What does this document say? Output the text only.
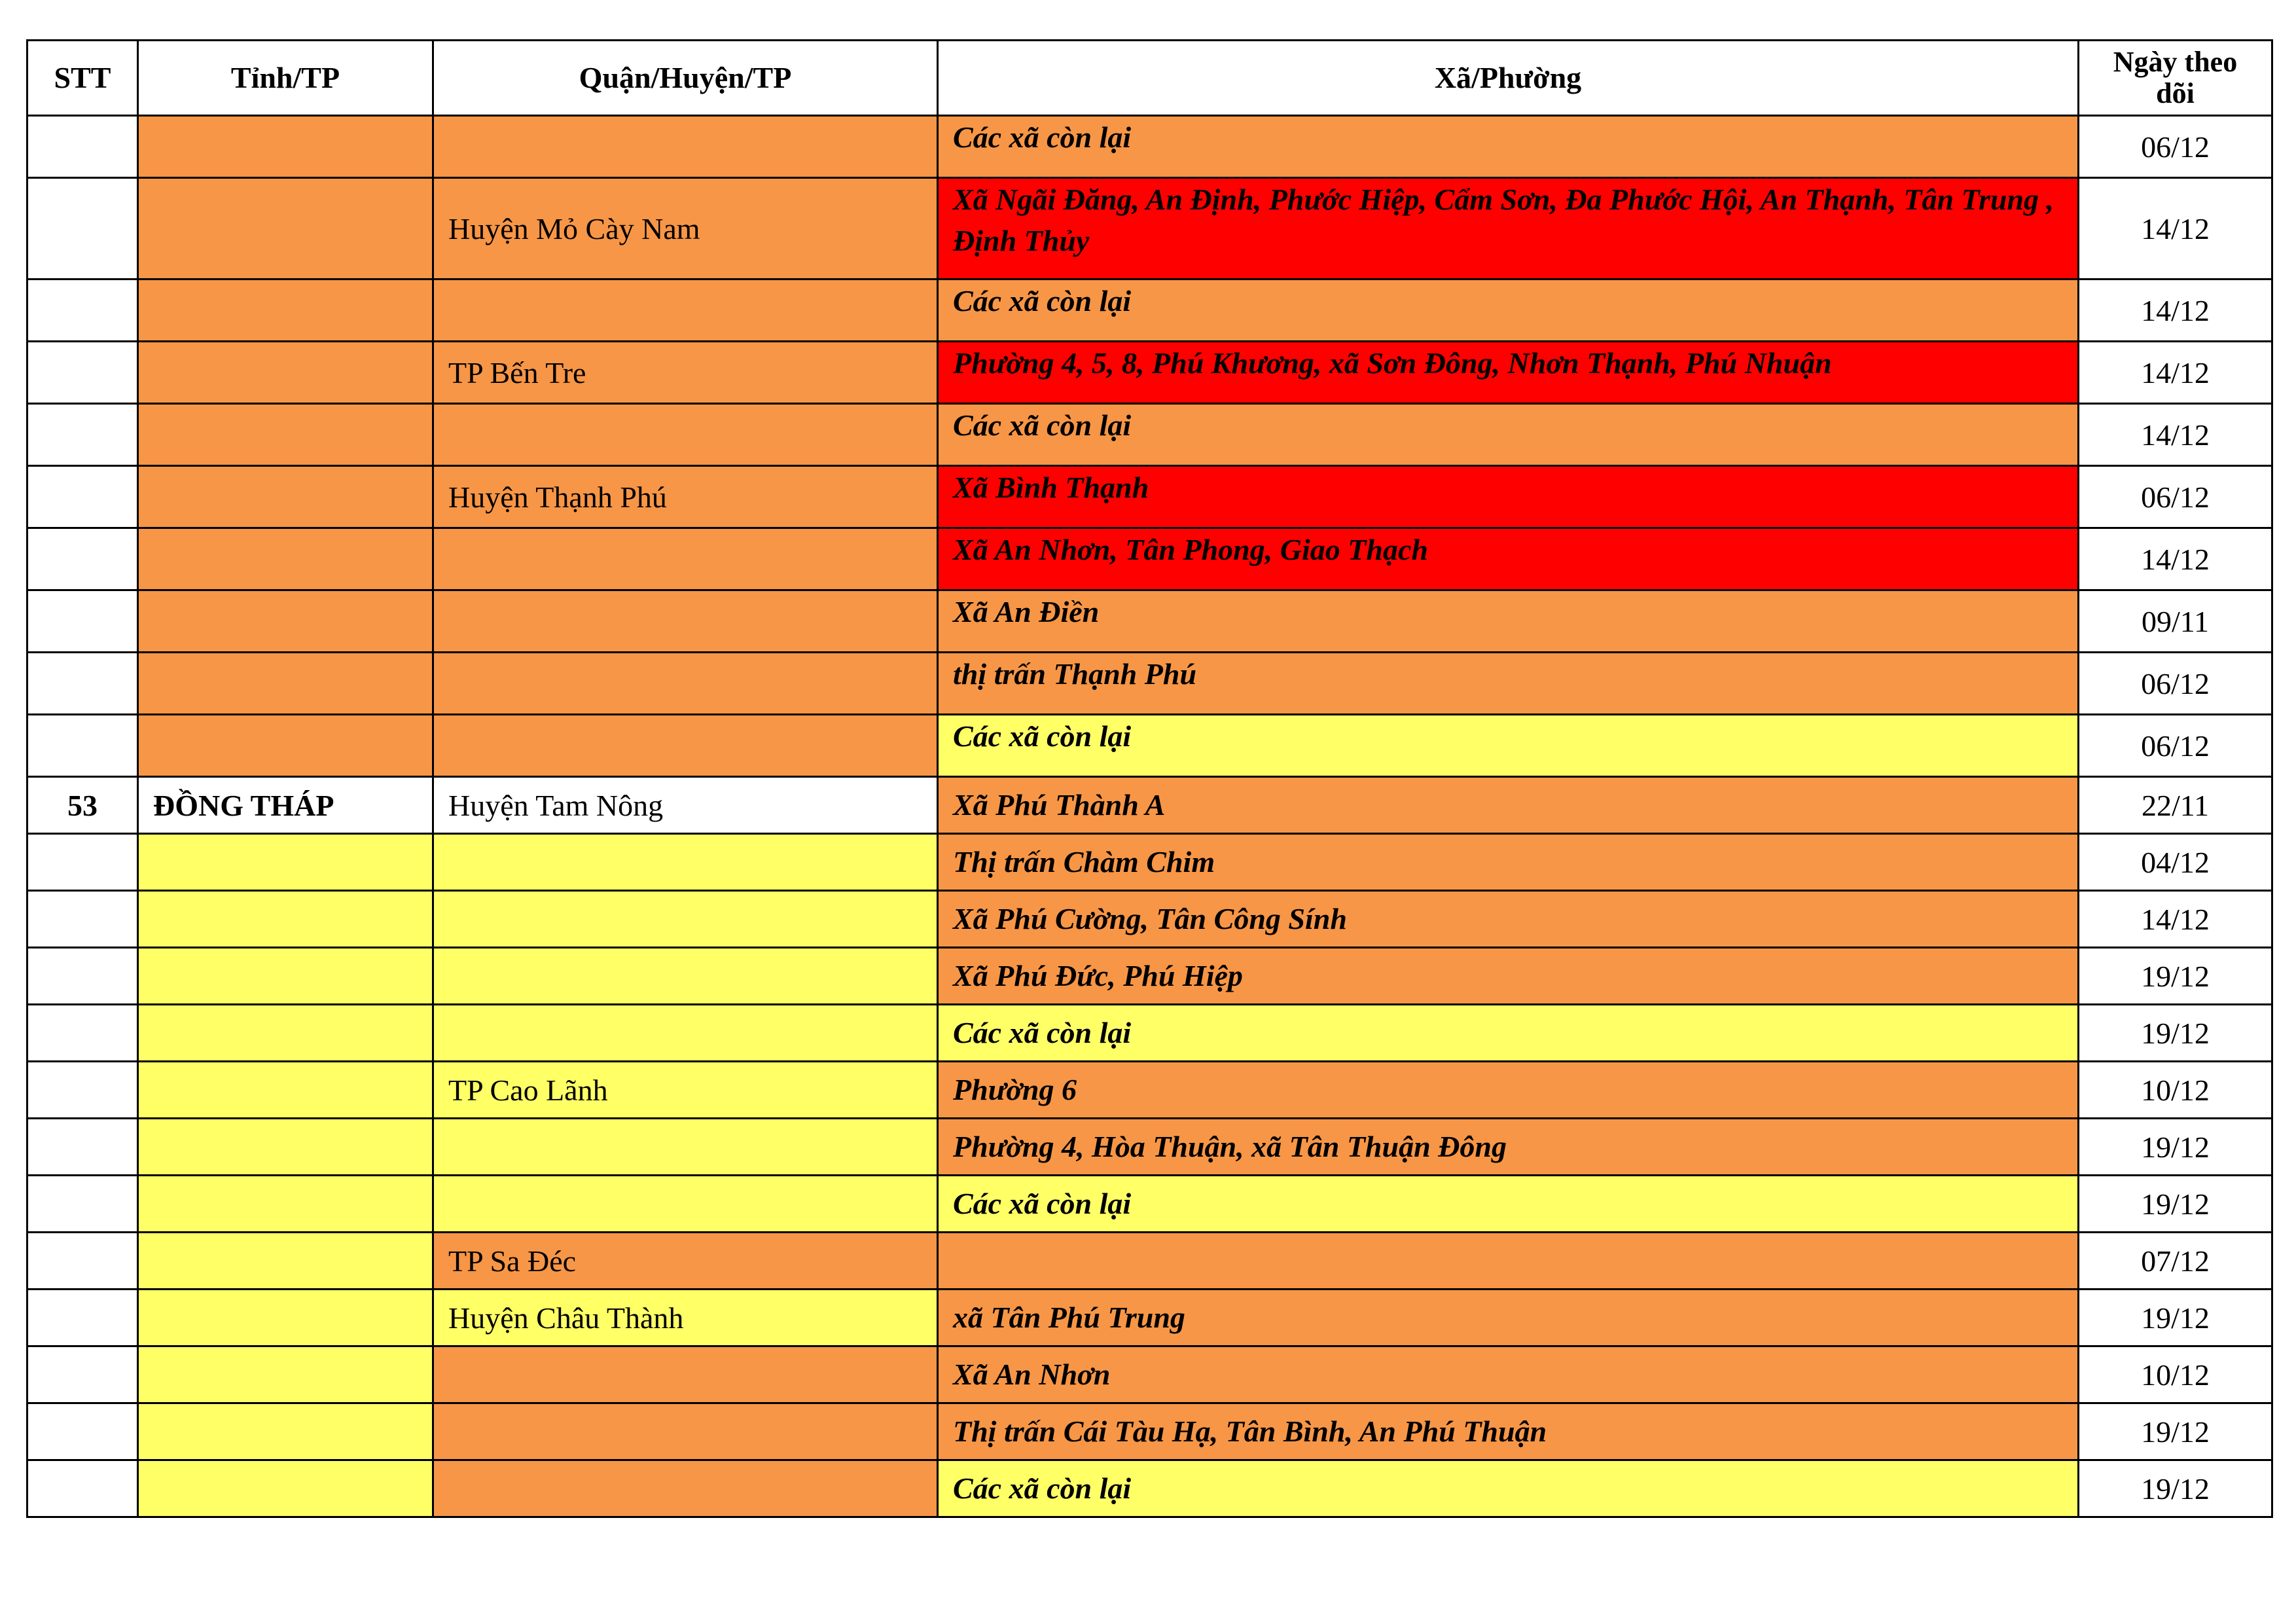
STT	Tỉnh/TP	Quận/Huyện/TP	Xã/Phường	Ngày theo dõi
			Các xã còn lại	06/12
		Huyện Mỏ Cày Nam	Xã Ngãi Đăng, An Định, Phước Hiệp, Cẩm Sơn, Đa Phước Hội, An Thạnh, Tân Trung , Định Thủy	14/12
			Các xã còn lại	14/12
		TP Bến Tre	Phường 4, 5, 8, Phú Khương, xã Sơn Đông, Nhơn Thạnh, Phú Nhuận	14/12
			Các xã còn lại	14/12
		Huyện Thạnh Phú	Xã Bình Thạnh	06/12
			Xã An Nhơn, Tân Phong, Giao Thạch	14/12
			Xã An Điền	09/11
			thị trấn Thạnh Phú	06/12
			Các xã còn lại	06/12
53	ĐỒNG THÁP	Huyện Tam Nông	Xã Phú Thành A	22/11
			Thị trấn Chàm Chim	04/12
			Xã Phú Cường, Tân Công Sính	14/12
			Xã Phú Đức, Phú Hiệp	19/12
			Các xã còn lại	19/12
		TP Cao Lãnh	Phường 6	10/12
			Phường 4, Hòa Thuận, xã Tân Thuận Đông	19/12
			Các xã còn lại	19/12
		TP Sa Đéc		07/12
		Huyện Châu Thành	xã Tân Phú Trung	19/12
			Xã An Nhơn	10/12
			Thị trấn Cái Tàu Hạ, Tân Bình, An Phú Thuận	19/12
			Các xã còn lại	19/12
